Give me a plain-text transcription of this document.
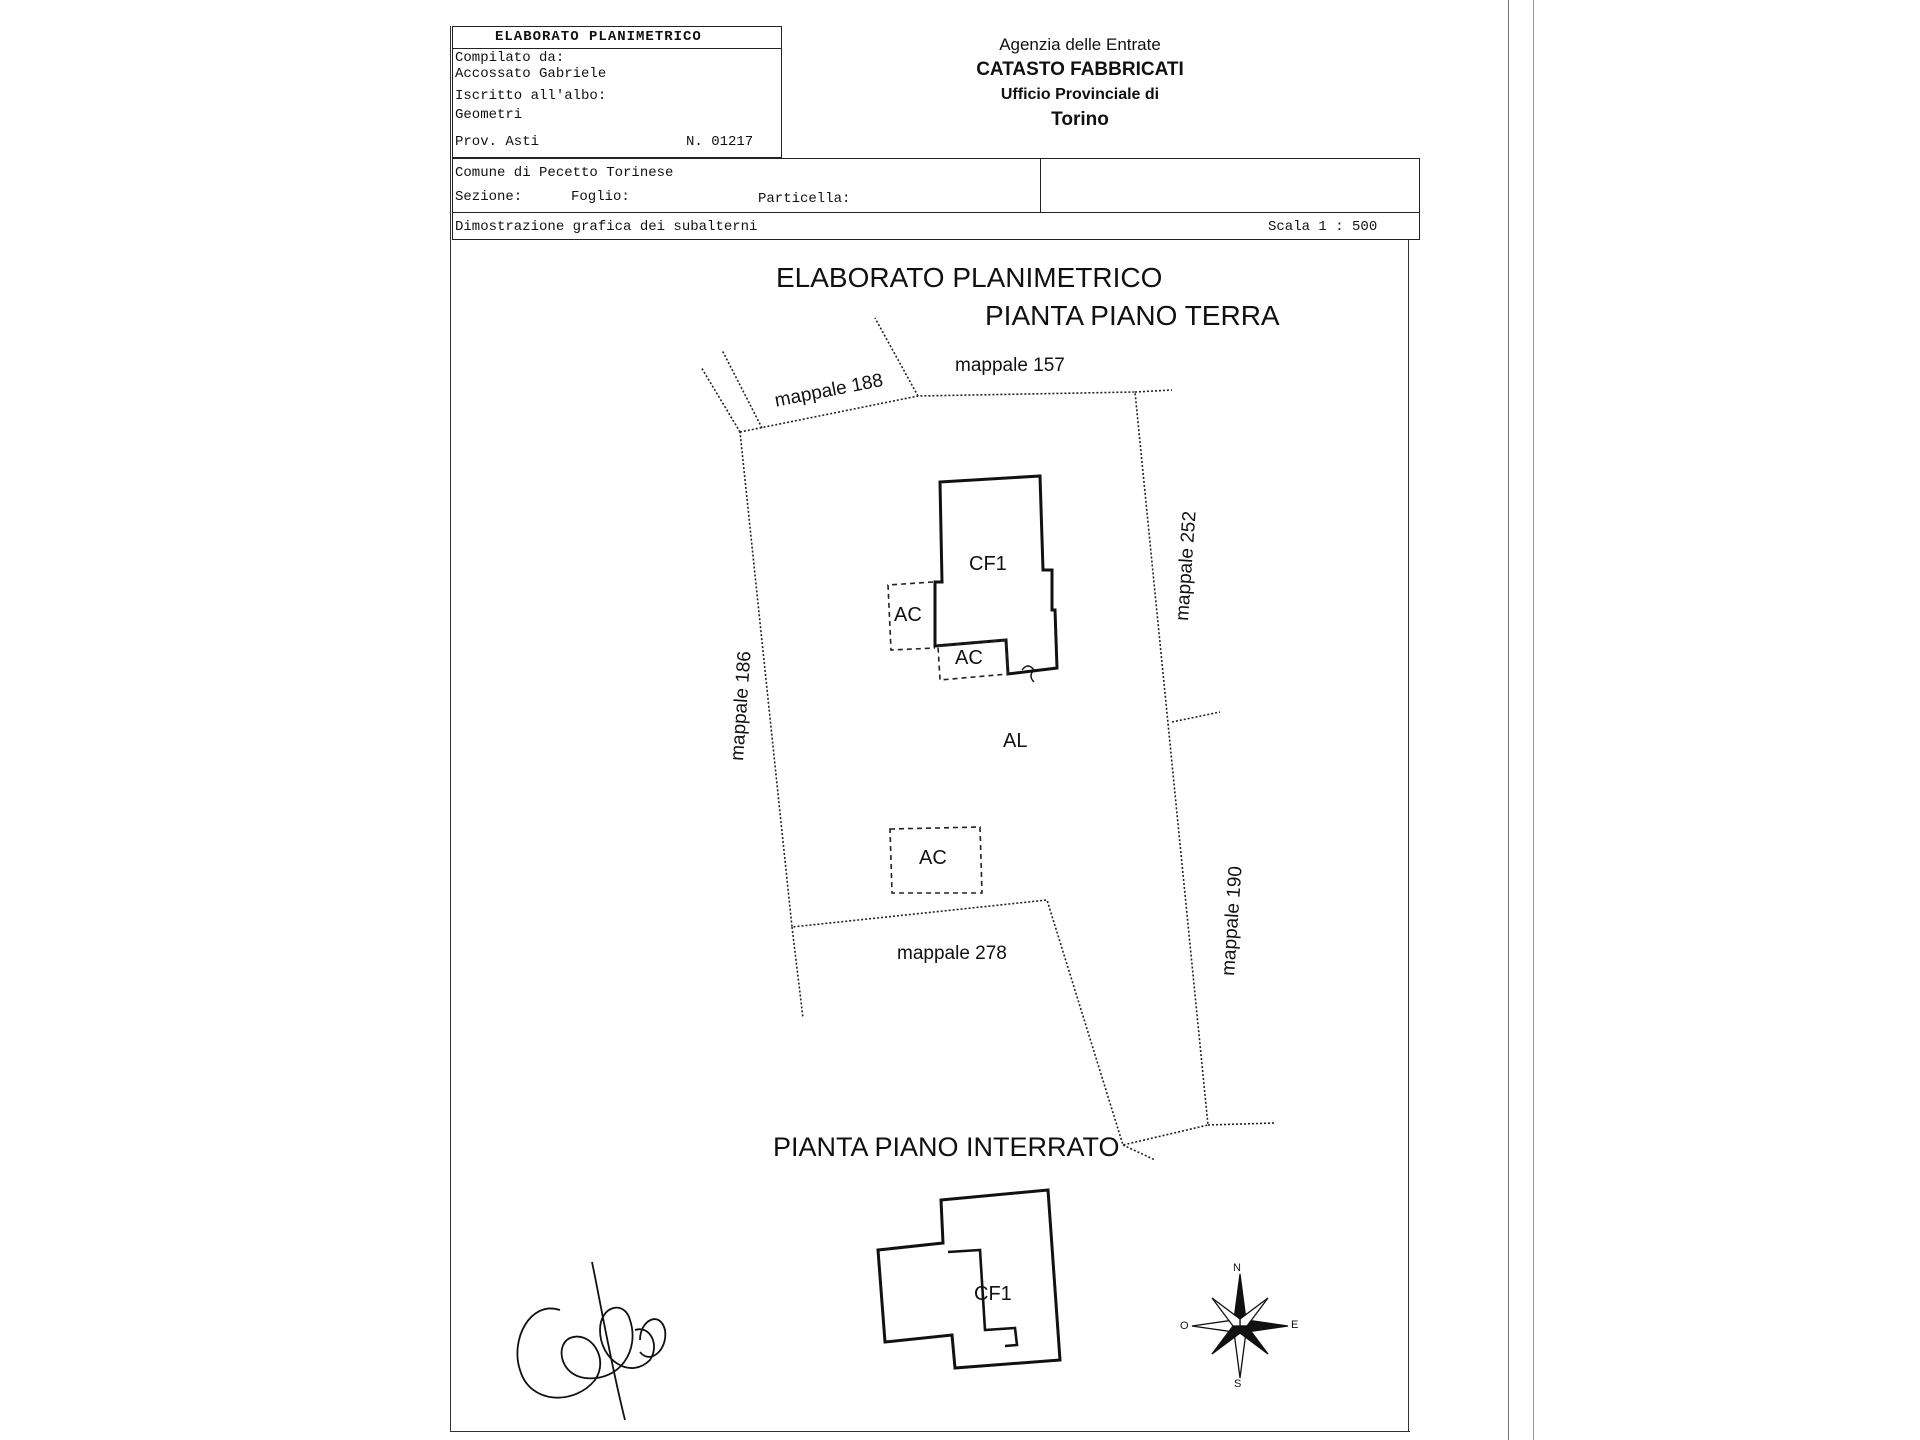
ELABORATO PLANIMETRICO
Compilato da:
Accossato Gabriele
Iscritto all'albo:
Geometri
Prov. Asti	N. 01217
Agenzia delle Entrate
CATASTO FABBRICATI
Ufficio Provinciale di
Torino
Comune di Pecetto Torinese
Sezione:	Foglio:	Particella:
Dimostrazione grafica dei subalterni	Scala 1 : 500
ELABORATO PLANIMETRICO
PIANTA PIANO TERRA
PIANTA PIANO INTERRATO
mappale 188
mappale 157
mappale 252
mappale 186
mappale 190
mappale 278
CF1
AC
AC
AL
AC
CF1
N
S
E
O
